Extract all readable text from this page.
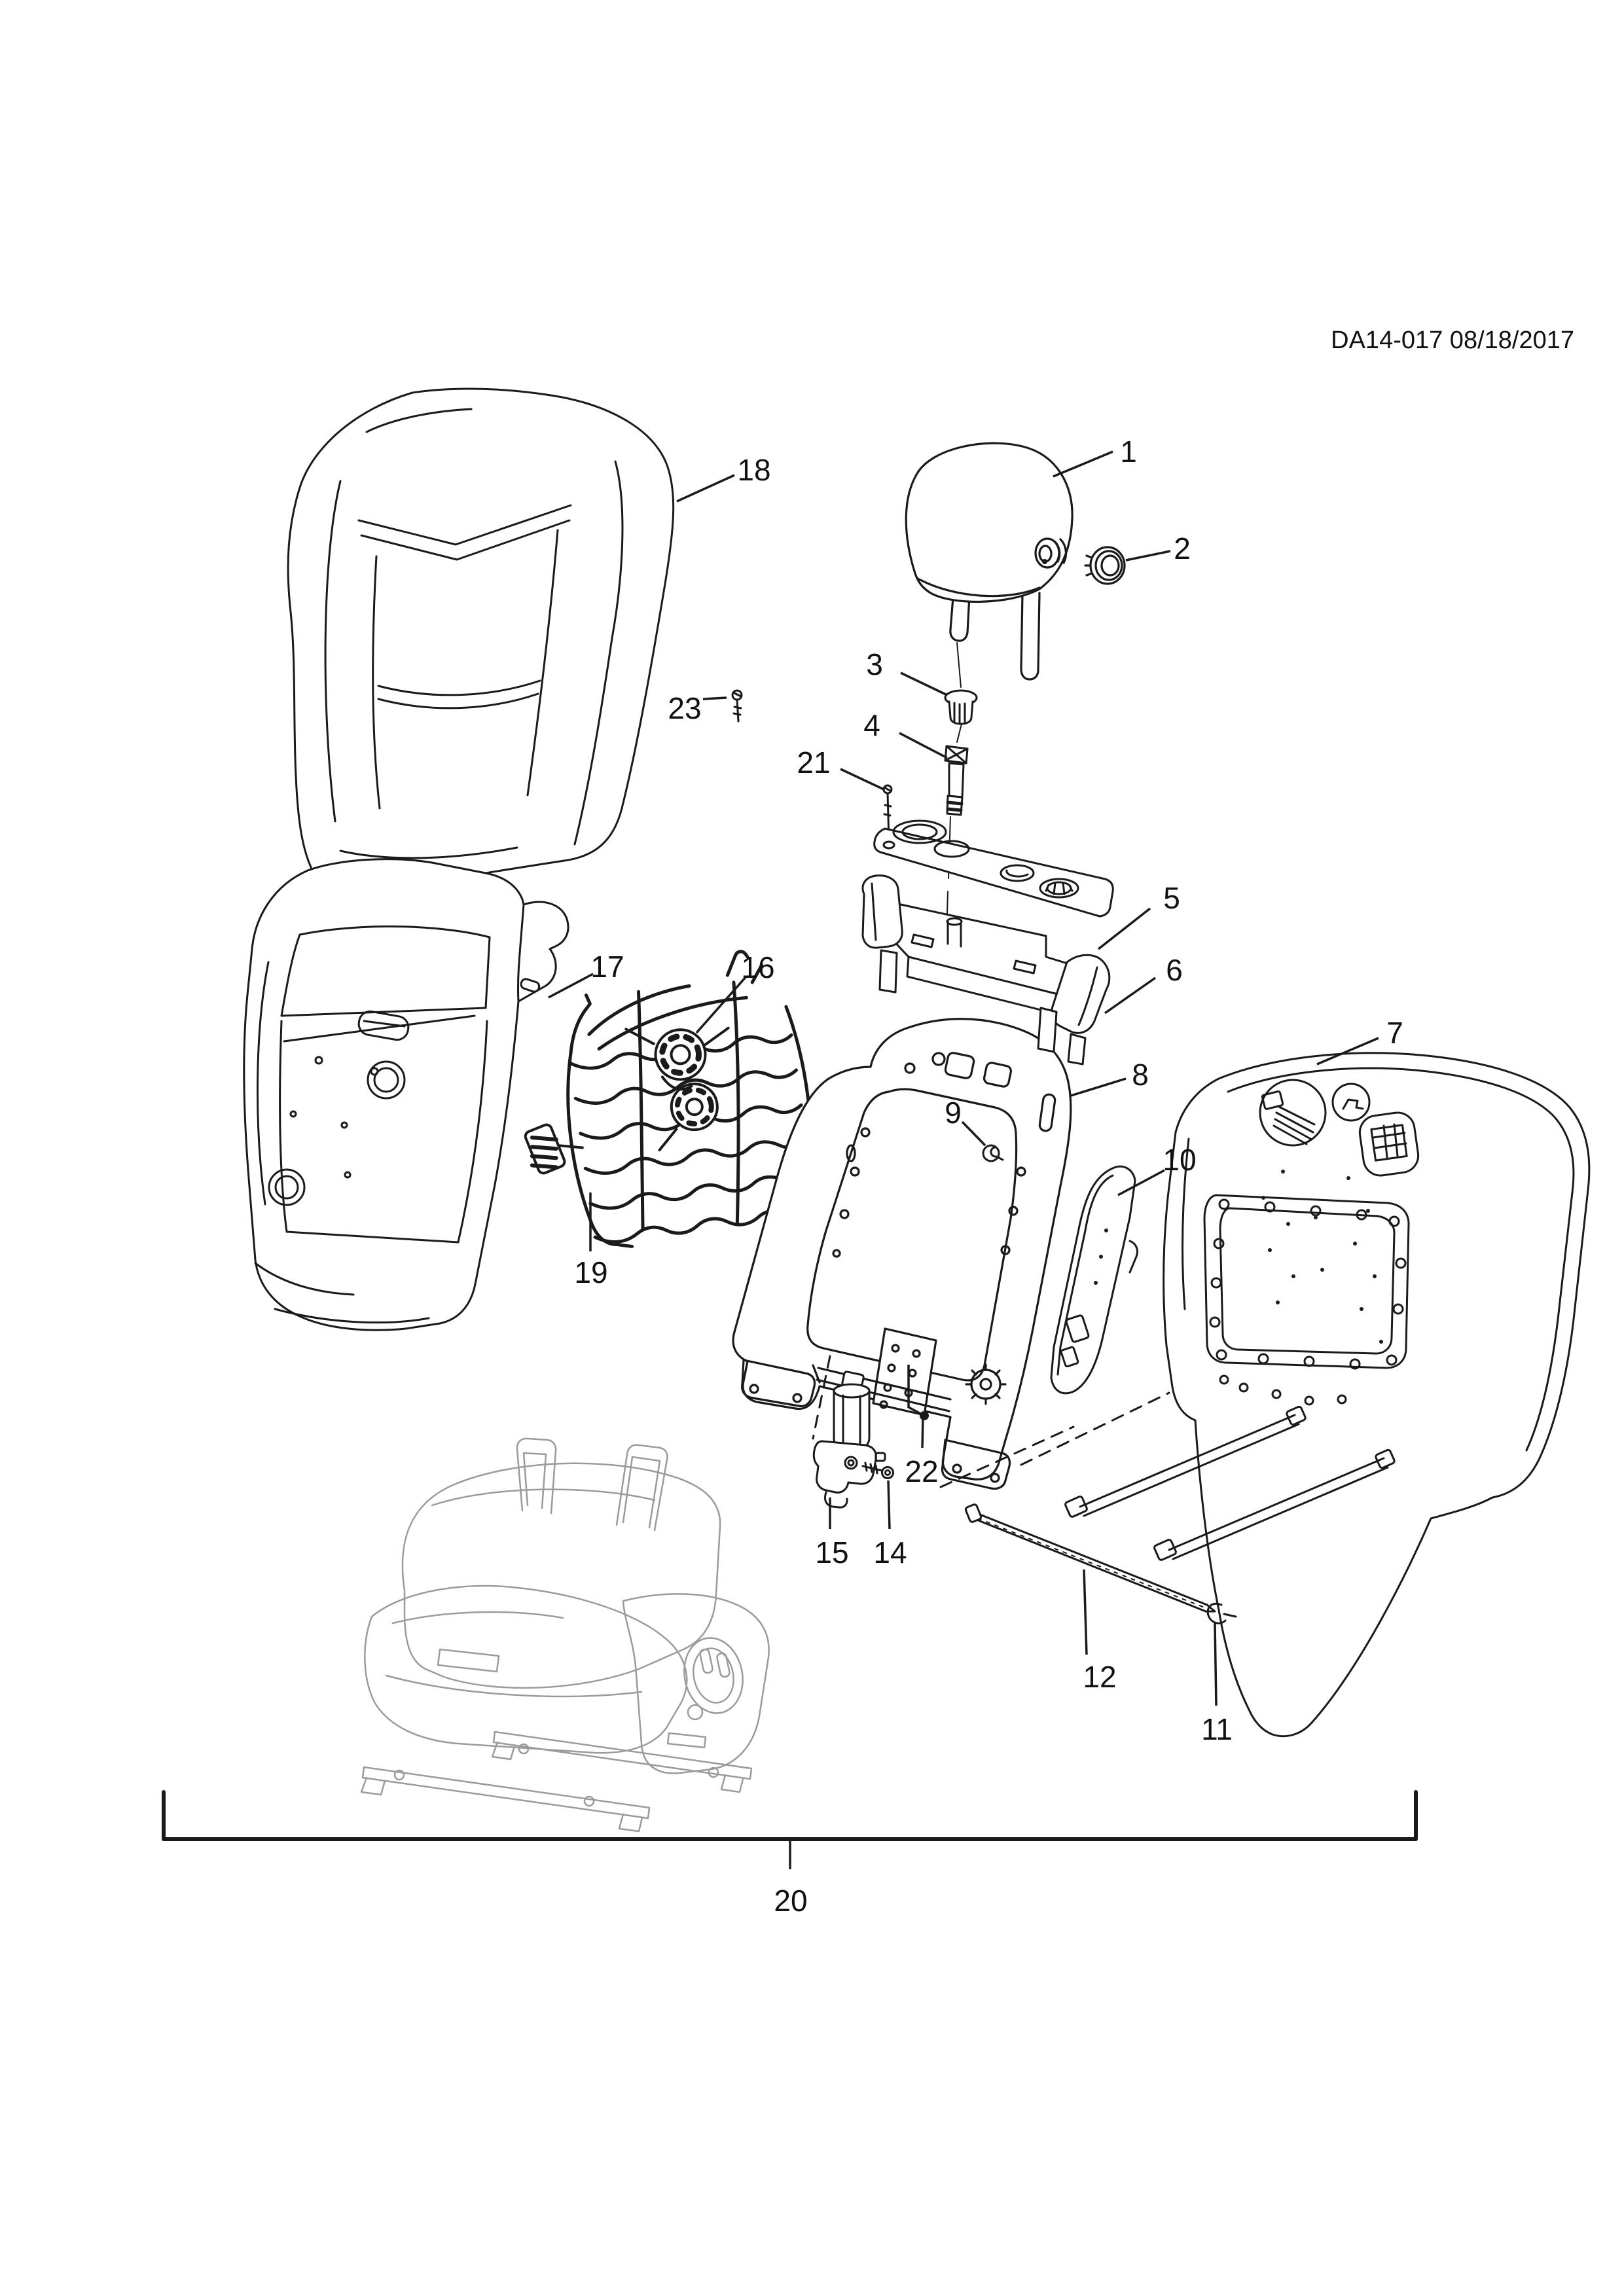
DA14-017 08/18/2017
1
2
3
4
21
5
6
23
18
17	16
19
7
8
9
10
22
15 14
12
11
20
